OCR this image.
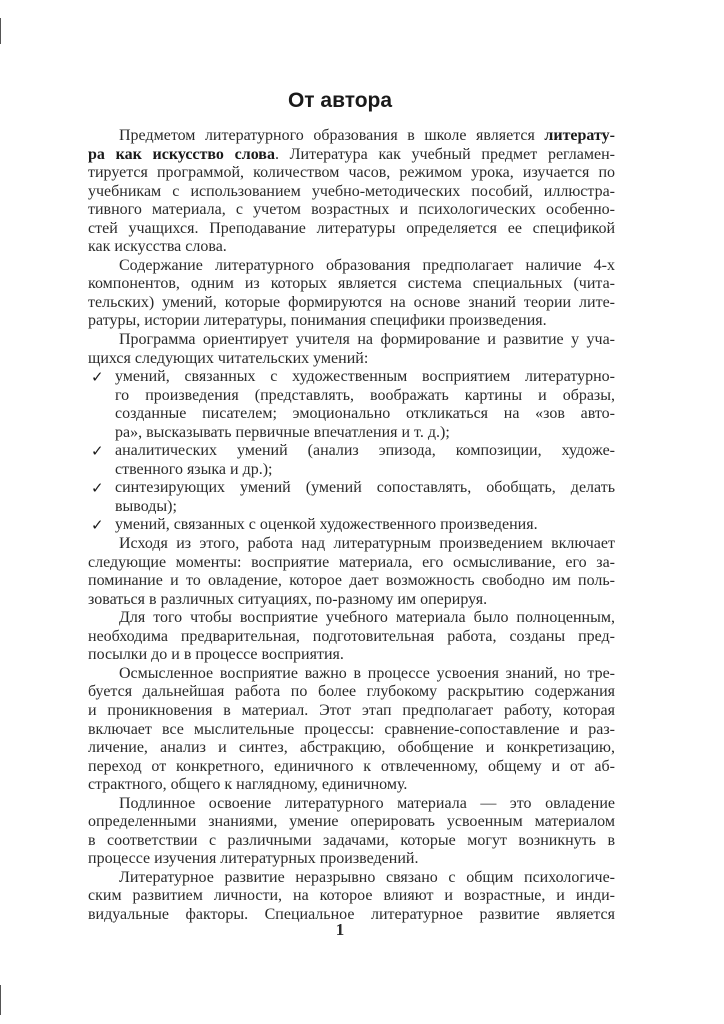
От автора
Предметом литературного образования в школе является литерату-
ра как искусство слова. Литература как учебный предмет регламен-
тируется программой, количеством часов, режимом урока, изучается по
учебникам с использованием учебно-методических пособий, иллюстра-
тивного материала, с учетом возрастных и психологических особенно-
стей учащихся. Преподавание литературы определяется ее спецификой
как искусства слова.
Содержание литературного образования предполагает наличие 4-х
компонентов, одним из которых является система специальных (чита-
тельских) умений, которые формируются на основе знаний теории лите-
ратуры, истории литературы, понимания специфики произведения.
Программа ориентирует учителя на формирование и развитие у уча-
щихся следующих читательских умений:
✓ умений, связанных с художественным восприятием литературно-
го произведения (представлять, воображать картины и образы,
созданные писателем; эмоционально откликаться на «зов авто-
ра», высказывать первичные впечатления и т. д.);
✓ аналитических умений (анализ эпизода, композиции, художе-
ственного языка и др.);
✓ синтезирующих умений (умений сопоставлять, обобщать, делать
выводы);
✓ умений, связанных с оценкой художественного произведения.
Исходя из этого, работа над литературным произведением включает
следующие моменты: восприятие материала, его осмысливание, его за-
поминание и то овладение, которое дает возможность свободно им поль-
зоваться в различных ситуациях, по-разному им оперируя.
Для того чтобы восприятие учебного материала было полноценным,
необходима предварительная, подготовительная работа, созданы пред-
посылки до и в процессе восприятия.
Осмысленное восприятие важно в процессе усвоения знаний, но тре-
буется дальнейшая работа по более глубокому раскрытию содержания
и проникновения в материал. Этот этап предполагает работу, которая
включает все мыслительные процессы: сравнение-сопоставление и раз-
личение, анализ и синтез, абстракцию, обобщение и конкретизацию,
переход от конкретного, единичного к отвлеченному, общему и от аб-
страктного, общего к наглядному, единичному.
Подлинное освоение литературного материала — это овладение
определенными знаниями, умение оперировать усвоенным материалом
в соответствии с различными задачами, которые могут возникнуть в
процессе изучения литературных произведений.
Литературное развитие неразрывно связано с общим психологиче-
ским развитием личности, на которое влияют и возрастные, и инди-
видуальные факторы. Специальное литературное развитие является
1
